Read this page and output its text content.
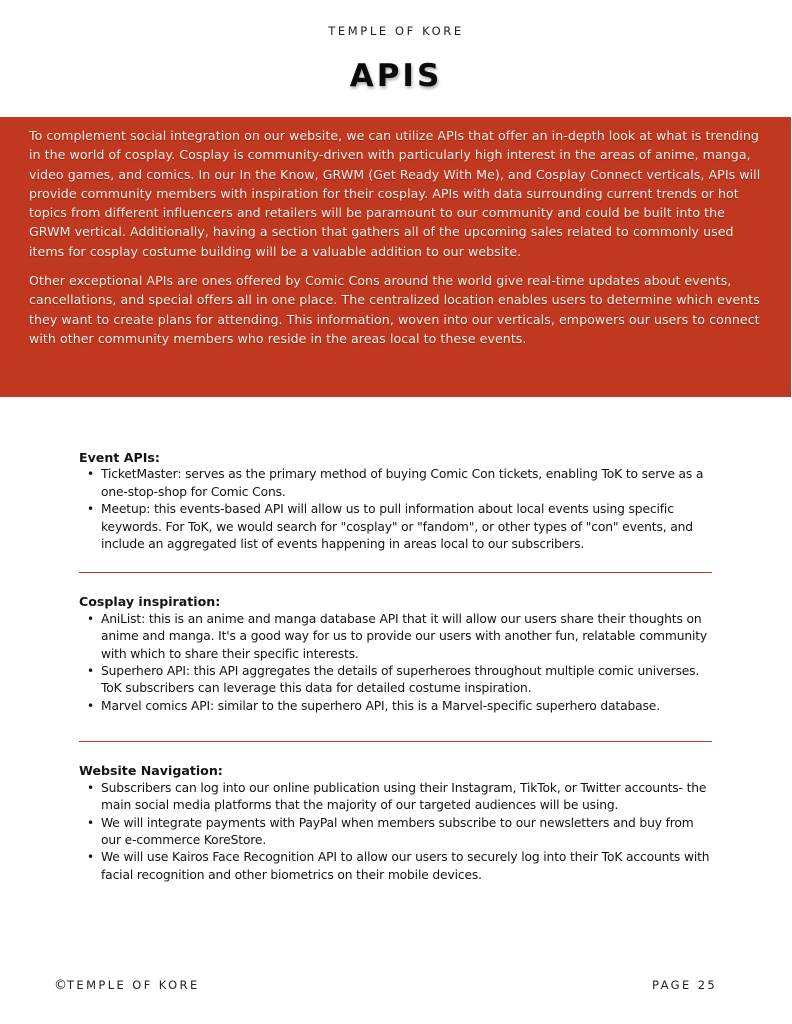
TEMPLE OF KORE
APIS

To complement social integration on our website, we can utilize APIs that offer an in-depth look at what is trending in the world of cosplay. Cosplay is community-driven with particularly high interest in the areas of anime, manga, video games, and comics. In our In the Know, GRWM (Get Ready With Me), and Cosplay Connect verticals, APIs will provide community members with inspiration for their cosplay. APIs with data surrounding current trends or hot topics from different influencers and retailers will be paramount to our community and could be built into the GRWM vertical. Additionally, having a section that gathers all of the upcoming sales related to commonly used items for cosplay costume building will be a valuable addition to our website.

Other exceptional APIs are ones offered by Comic Cons around the world give real-time updates about events, cancellations, and special offers all in one place. The centralized location enables users to determine which events they want to create plans for attending. This information, woven into our verticals, empowers our users to connect with other community members who reside in the areas local to these events.

Event APIs:
• TicketMaster: serves as the primary method of buying Comic Con tickets, enabling ToK to serve as a one-stop-shop for Comic Cons.
• Meetup: this events-based API will allow us to pull information about local events using specific keywords. For ToK, we would search for "cosplay" or "fandom", or other types of "con" events, and include an aggregated list of events happening in areas local to our subscribers.
Cosplay inspiration:
• AniList: this is an anime and manga database API that it will allow our users share their thoughts on anime and manga. It's a good way for us to provide our users with another fun, relatable community with which to share their specific interests.
• Superhero API: this API aggregates the details of superheroes throughout multiple comic universes. ToK subscribers can leverage this data for detailed costume inspiration.
• Marvel comics API: similar to the superhero API, this is a Marvel-specific superhero database.
Website Navigation:
• Subscribers can log into our online publication using their Instagram, TikTok, or Twitter accounts- the main social media platforms that the majority of our targeted audiences will be using.
• We will integrate payments with PayPal when members subscribe to our newsletters and buy from our e-commerce KoreStore.
• We will use Kairos Face Recognition API to allow our users to securely log into their ToK accounts with facial recognition and other biometrics on their mobile devices.
©TEMPLE OF KORE	PAGE 25
